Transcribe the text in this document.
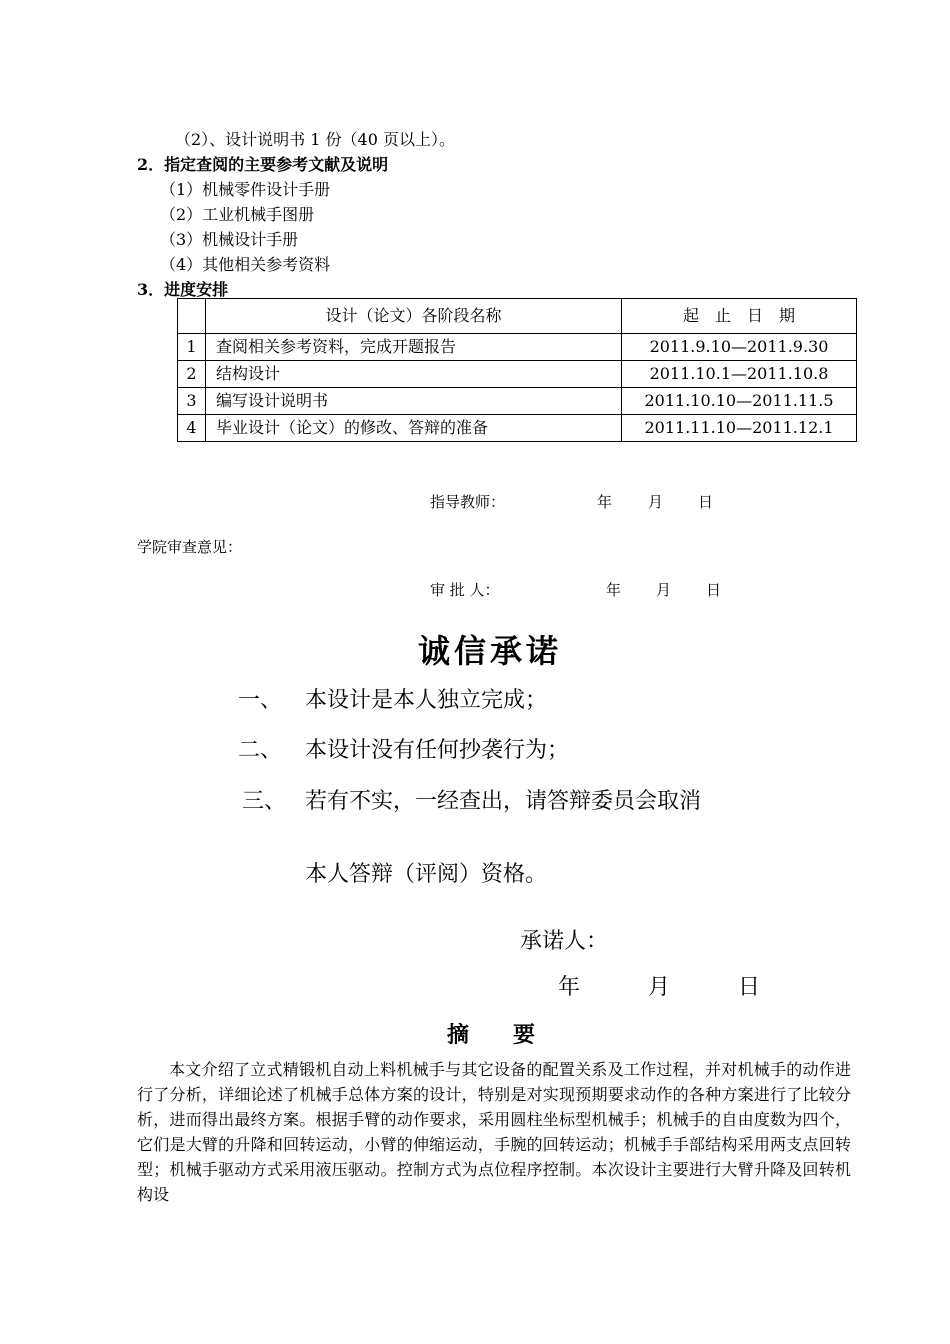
（2）、设计说明书 1 份（40 页以上）。
2．指定查阅的主要参考文献及说明
（1）机械零件设计手册
（2）工业机械手图册
（3）机械设计手册
（4）其他相关参考资料
3．进度安排
	设计（论文）各阶段名称	起　止　日　期
1	查阅相关参考资料，完成开题报告	2011.9.10—2011.9.30
2	结构设计	2011.10.1—2011.10.8
3	编写设计说明书	2011.10.10—2011.11.5
4	毕业设计（论文）的修改、答辩的准备	2011.11.10—2011.12.1
指导教师：	年 月 日
学院审查意见：
审 批 人：	年 月 日
诚信承诺
一、 本设计是本人独立完成；
二、 本设计没有任何抄袭行为；
三、 若有不实，一经查出，请答辩委员会取消
本人答辩（评阅）资格。
承诺人：
年	月	日
摘　　要
本文介绍了立式精锻机自动上料机械手与其它设备的配置关系及工作过程，并对机械手的动作进行了分析，详细论述了机械手总体方案的设计，特别是对实现预期要求动作的各种方案进行了比较分析，进而得出最终方案。根据手臂的动作要求，采用圆柱坐标型机械手；机械手的自由度数为四个，它们是大臂的升降和回转运动，小臂的伸缩运动，手腕的回转运动；机械手手部结构采用两支点回转型；机械手驱动方式采用液压驱动。控制方式为点位程序控制。本次设计主要进行大臂升降及回转机构设
